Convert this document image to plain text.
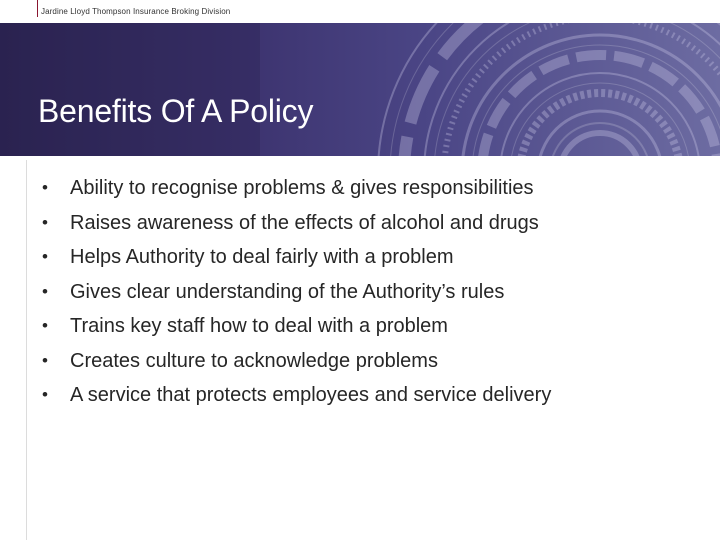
Jardine Lloyd Thompson Insurance Broking Division
Benefits Of A Policy
•	Ability to recognise problems & gives responsibilities
•	Raises awareness of the effects of alcohol and drugs
•	Helps Authority to deal fairly with a problem
•	Gives clear understanding of the Authority’s rules
•	Trains key staff how to deal with a problem
•	Creates culture to acknowledge problems
•	A service that protects employees and service delivery
